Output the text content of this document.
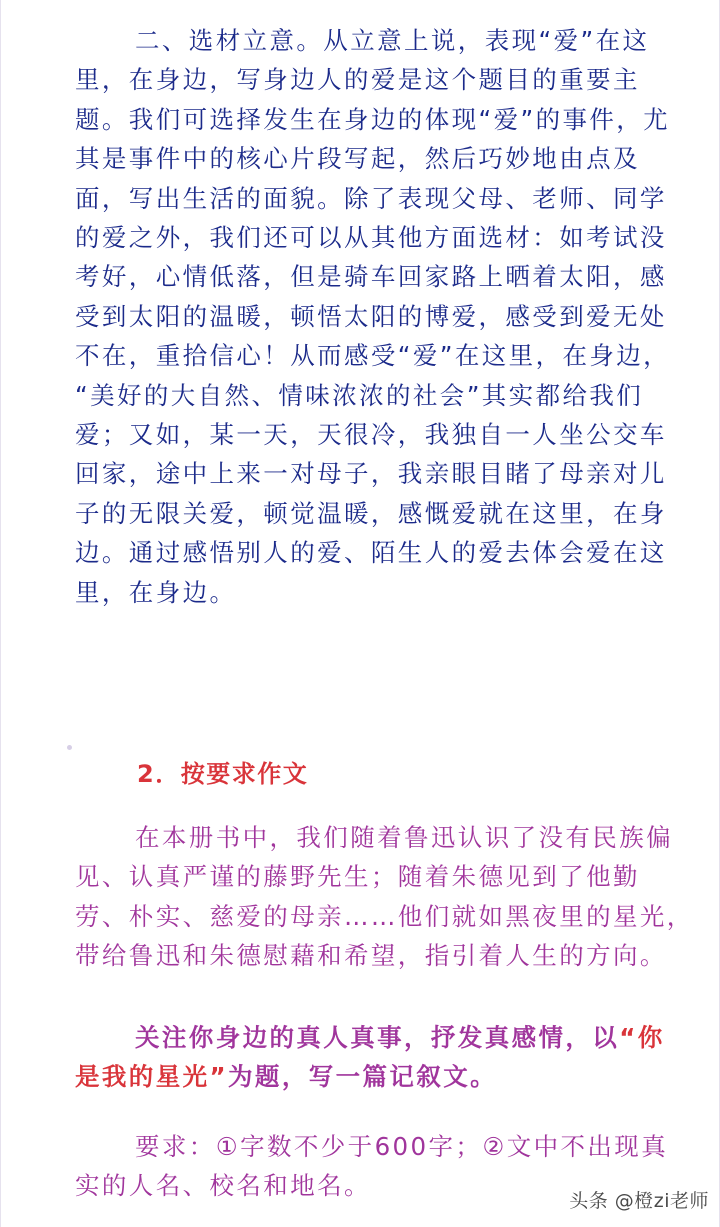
二、选材立意。从立意上说，表现“爱”在这
里，在身边，写身边人的爱是这个题目的重要主
题。我们可选择发生在身边的体现“爱”的事件，尤
其是事件中的核心片段写起，然后巧妙地由点及
面，写出生活的面貌。除了表现父母、老师、同学
的爱之外，我们还可以从其他方面选材：如考试没
考好，心情低落，但是骑车回家路上晒着太阳，感
受到太阳的温暖，顿悟太阳的博爱，感受到爱无处
不在，重拾信心！从而感受“爱”在这里，在身边，
“美好的大自然、情味浓浓的社会”其实都给我们
爱；又如，某一天，天很冷，我独自一人坐公交车
回家，途中上来一对母子，我亲眼目睹了母亲对儿
子的无限关爱，顿觉温暖，感慨爱就在这里，在身
边。通过感悟别人的爱、陌生人的爱去体会爱在这
里，在身边。
2．按要求作文
在本册书中，我们随着鲁迅认识了没有民族偏
见、认真严谨的藤野先生；随着朱德见到了他勤
劳、朴实、慈爱的母亲……他们就如黑夜里的星光，
带给鲁迅和朱德慰藉和希望，指引着人生的方向。
关注你身边的真人真事，抒发真感情，以“你
是我的星光”为题，写一篇记叙文。
要求：①字数不少于600字；②文中不出现真
实的人名、校名和地名。
头条 @橙zi老师
